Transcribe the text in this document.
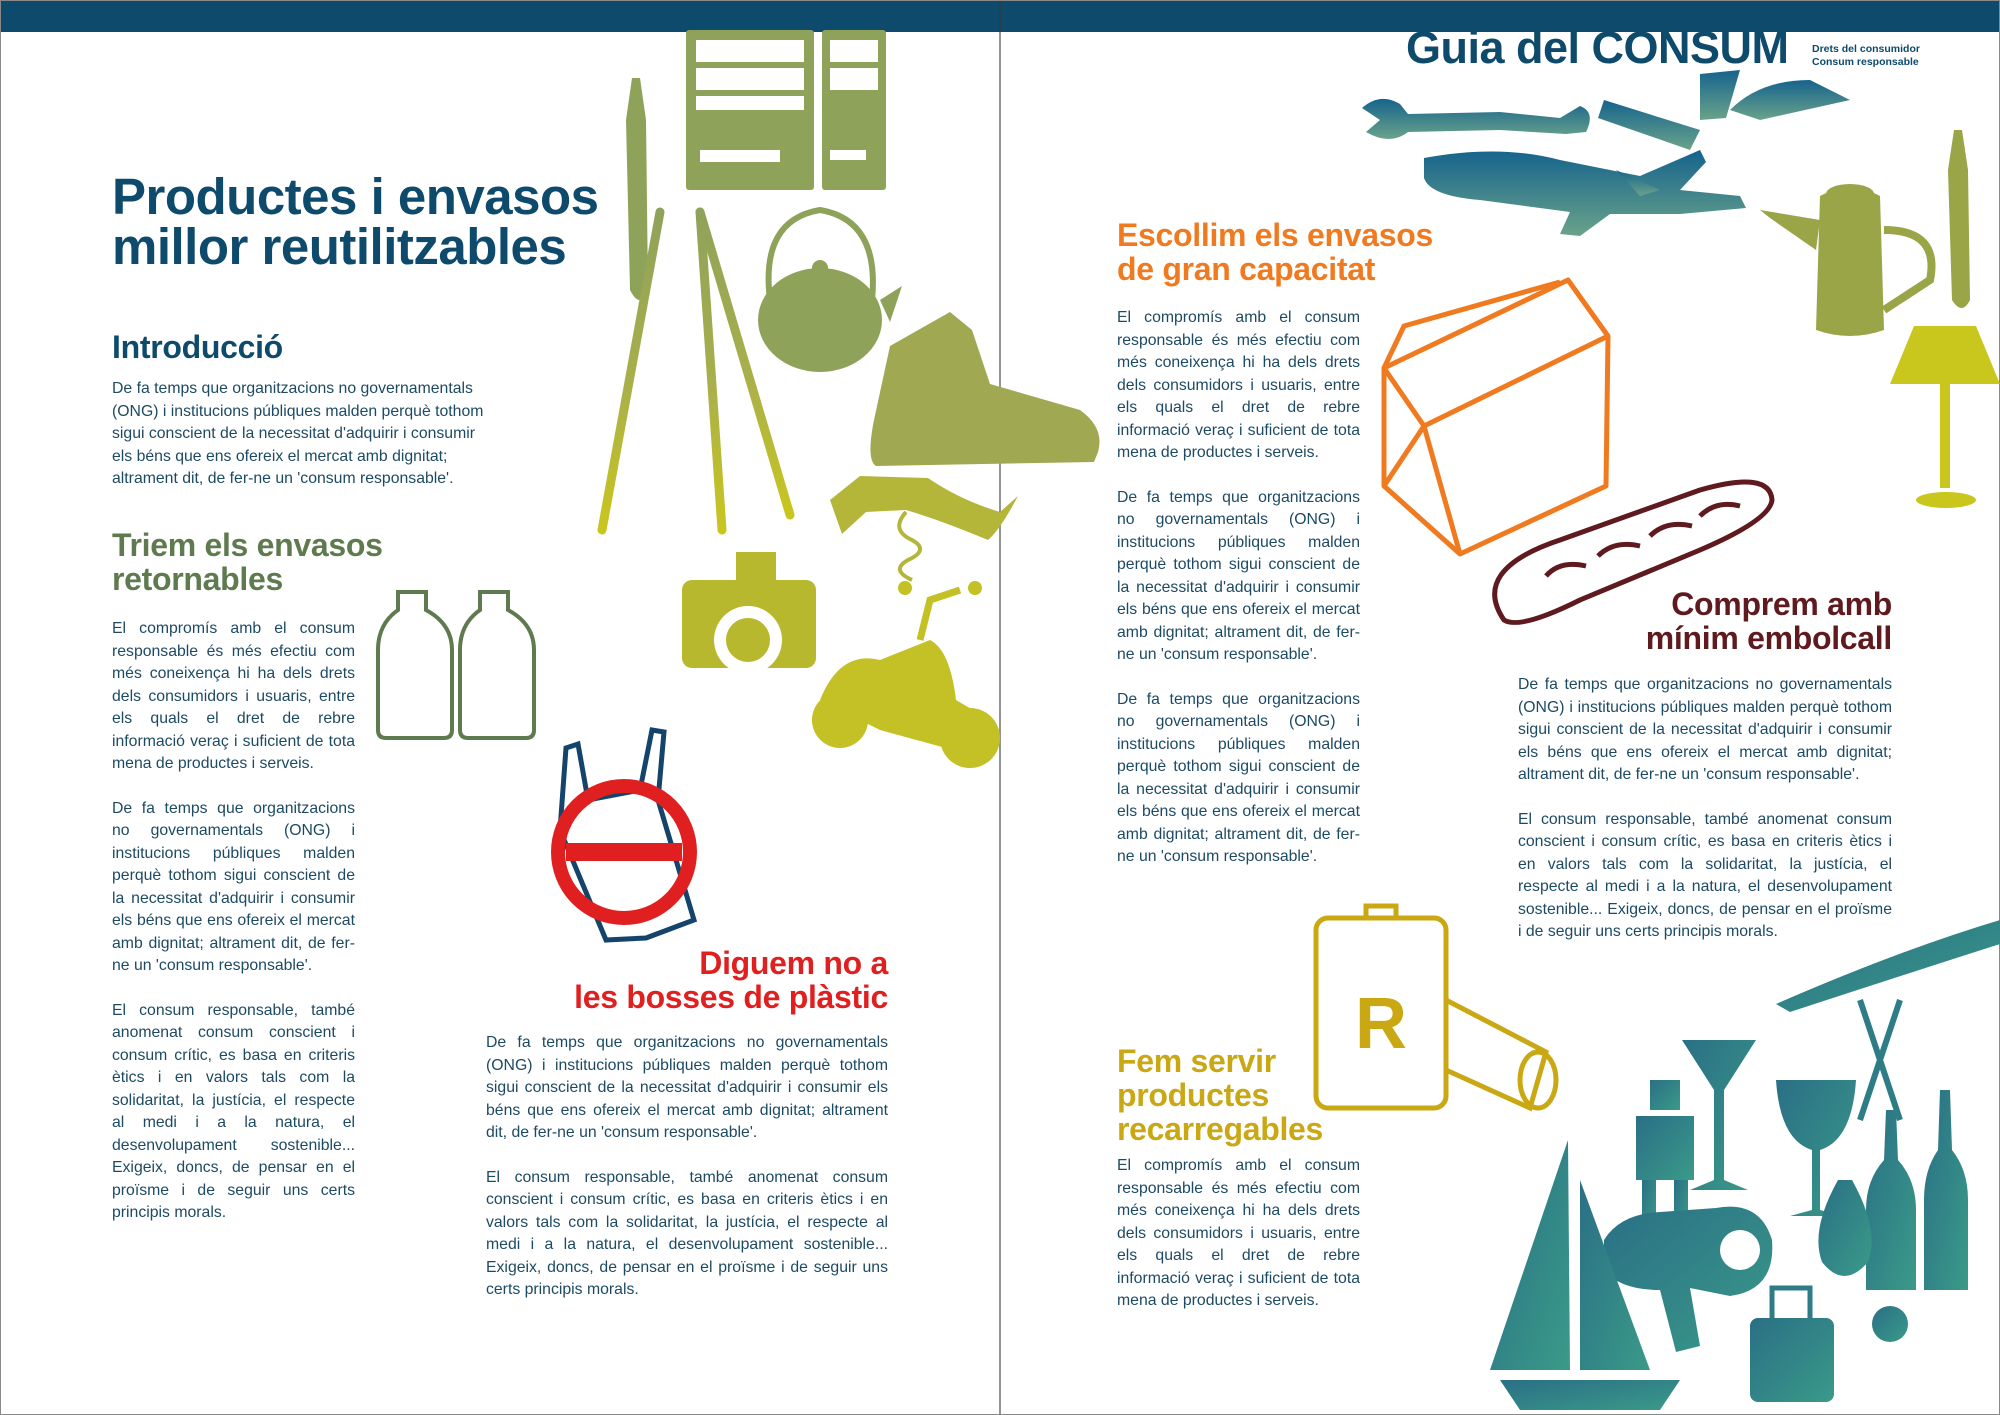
Productes i envasos
millor reutilitzables
Introducció

De fa temps que organitzacions no governamentals (ONG) i institucions públiques malden perquè tothom sigui conscient de la necessitat d'adquirir i consumir els béns que ens ofereix el mercat amb dignitat; altrament dit, de fer-ne un 'consum responsable'.

Triem els envasos
retornables

El compromís amb el consum responsable és més efectiu com més coneixença hi ha dels drets dels consumidors i usuaris, entre els quals el dret de rebre informació veraç i suficient de tota mena de productes i serveis.

De fa temps que organitzacions no governamentals (ONG) i institucions públiques malden perquè tothom sigui conscient de la necessitat d'adquirir i consumir els béns que ens ofereix el mercat amb dignitat; altrament dit, de fer-ne un 'consum responsable'.

El consum responsable, també anomenat consum conscient i consum crític, es basa en criteris ètics i en valors tals com la solidaritat, la justícia, el respecte al medi i a la natura, el desenvolupament sostenible... Exigeix, doncs, de pensar en el proïsme i de seguir uns certs principis morals.

Diguem no a
les bosses de plàstic

De fa temps que organitzacions no governamentals (ONG) i institucions públiques malden perquè tothom sigui conscient de la necessitat d'adquirir i consumir els béns que ens ofereix el mercat amb dignitat; altrament dit, de fer-ne un 'consum responsable'.

El consum responsable, també anomenat consum conscient i consum crític, es basa en criteris ètics i en valors tals com la solidaritat, la justícia, el respecte al medi i a la natura, el desenvolupament sostenible... Exigeix, doncs, de pensar en el proïsme i de seguir uns certs principis morals.

Guia del CONSUM Drets del consumidor
Consum responsable
Escollim els envasos
de gran capacitat

El compromís amb el consum responsable és més efectiu com més coneixença hi ha dels drets dels consumidors i usuaris, entre els quals el dret de rebre informació veraç i suficient de tota mena de productes i serveis.

De fa temps que organitzacions no governamentals (ONG) i institucions públiques malden perquè tothom sigui conscient de la necessitat d'adquirir i consumir els béns que ens ofereix el mercat amb dignitat; altrament dit, de fer-ne un 'consum responsable'.

De fa temps que organitzacions no governamentals (ONG) i institucions públiques malden perquè tothom sigui conscient de la necessitat d'adquirir i consumir els béns que ens ofereix el mercat amb dignitat; altrament dit, de fer-ne un 'consum responsable'.

Comprem amb
mínim embolcall

De fa temps que organitzacions no governamentals (ONG) i institucions públiques malden perquè tothom sigui conscient de la necessitat d'adquirir i consumir els béns que ens ofereix el mercat amb dignitat; altrament dit, de fer-ne un 'consum responsable'.

El consum responsable, també anomenat consum conscient i consum crític, es basa en criteris ètics i en valors tals com la solidaritat, la justícia, el respecte al medi i a la natura, el desenvolupament sostenible... Exigeix, doncs, de pensar en el proïsme i de seguir uns certs principis morals.

Fem servir
productes
recarregables

El compromís amb el consum responsable és més efectiu com més coneixença hi ha dels drets dels consumidors i usuaris, entre els quals el dret de rebre informació veraç i suficient de tota mena de productes i serveis.

R
